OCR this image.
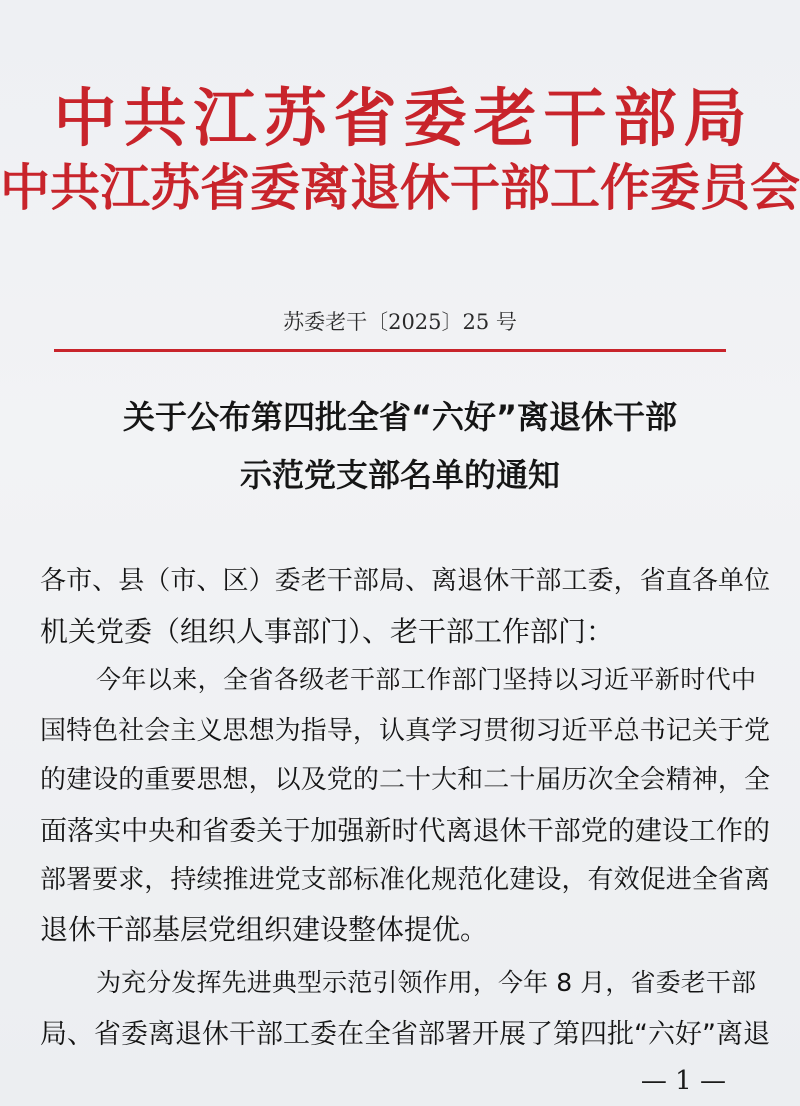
中共江苏省委老干部局
中共江苏省委离退休干部工作委员会
苏委老干〔2025〕25 号
关于公布第四批全省“六好”离退休干部
示范党支部名单的通知
各市、县（市、区）委老干部局、离退休干部工委，省直各单位
机关党委（组织人事部门）、老干部工作部门：
今年以来，全省各级老干部工作部门坚持以习近平新时代中
国特色社会主义思想为指导，认真学习贯彻习近平总书记关于党
的建设的重要思想，以及党的二十大和二十届历次全会精神，全
面落实中央和省委关于加强新时代离退休干部党的建设工作的
部署要求，持续推进党支部标准化规范化建设，有效促进全省离
退休干部基层党组织建设整体提优。
为充分发挥先进典型示范引领作用，今年 8 月，省委老干部
局、省委离退休干部工委在全省部署开展了第四批“六好”离退
— 1 —
